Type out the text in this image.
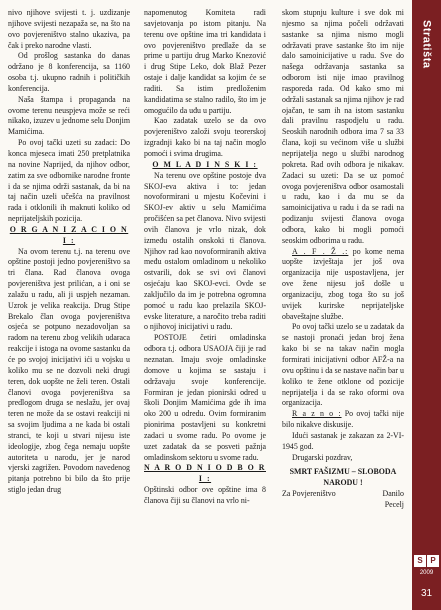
nivo njihove svijesti t. j. uzdizanje njihove svijesti nezapaža se, na što na ovo povjereništvo stalno ukaziva, pa čak i preko narodne vlasti.

Od prošlog sastanka do danas održano je 8 konferencija, sa 1160 osoba t.j. ukupno radnih i političkih konferencija.

Naša štampa i propaganda na ovome terenu neuspjeva može se reći nikako, izuzev u jednome selu Donjim Mamićima.

Po ovoj tački uzeti su zadaci: Do konca mjeseca imati 250 pretplatnika na novine Naprijed, da njihov odbor, zatim za sve odbornike narodne fronte i da se njima održi sastanak, da bi na taj način uzeli učešća na pravilnost rada i otklonili ih maknuti koliko od neprijateljskih pozicija.

O R G A N I Z A C I O N I :

Na ovom terenu t.j. na terenu ove opštine postoji jedno povjereništvo sa tri člana. Rad članova ovoga povjereništva jest prilićan, a i oni se zalažu u radu, ali ji uspjeh nezaman. Uzrok je velika reakcija. Drug Stipe Brekalo član ovoga povjereništva osjeća se potpuno nezadovoljan sa radom na terenu zbog velikih udaraca reakcije i istoga na ovome sastanku da će po svojoj inicijativi ići u vojsku u koliko mu se ne dozvoli neki drugi teren, dok uopšte ne želi teren. Ostali članovi ovoga povjereništva sa predlogom druga se neslažu, jer ovaj teren ne može da se ostavi reakciji ni sa svojim ljudima a ne kada bi ostali stranci, te koji u stvari nijesu iste ideologije, zbog čega nemaju uopšte autoriteta u narodu, jer je narod vjerski zagrižen. Povodom navedenog pitanja potrebno bi bilo da što prije stiglo jedan drug

napomenutog Komiteta radi savjetovanja po istom pitanju. Na terenu ove opštine ima tri kandidata i ovo povjereništvo predlaže da se prime u partiju drug Marko Knezović i drug Stipe Leko, dok Blaž Pezer ostaje i dalje kandidat sa kojim će se raditi. Sa istim predloženim kandidatima se stalno radilo, što im je omogućilo da uđu u partiju.

Kao zadatak uzelo se da ovo povjereništvo založi svoju teorerskoj izgradnji kako bi na taj način moglo pomoći i svima drugima.

O M L A D I N S K I :

Na terenu ove opštine postoje dva SKOJ-eva aktiva i to: jedan novoformirani u mjestu Kočevini i SKOJ-ev aktiv u selu Mamićima pročišćen sa pet članova. Nivo svijesti ovih članova je vrlo nizak, dok između ostalih onskoki ti članova. Njihov rad kao novoformiranih aktiva među ostalom omladinom u nekoliko ostvarili, dok se svi ovi članovi osjećaju kao SKOJ-evci. Ovde se zaključilo da im je potrebna ogromna pomoć u radu kao prelazila SKOJ-evske literature, a naročito treba raditi o njihovoj inicijativi u radu.

POSTOJE četiri omladinska odbora t.j. odbora USAOJA čiji je rad neznatan. Imaju svoje omladinske domove u kojima se sastaju i održavaju svoje konferencije. Formiran je jedan pionirski odred u školi Donjim Mamićima gde ih ima oko 200 u odredu. Ovim formiranim pionirima postavljeni su konkretni zadaci u svome radu. Po ovome je uzet zadatak da se posveti pažnja omladinskom sektoru u svome radu.

N A R O D N I O D B O R I :

Opštinski odbor ove opštine ima 8 članova čiji su članovi na vrlo ni-

skom stupnju kulture i sve dok mi njesmo sa njima počeli održavati sastanke sa njima nismo mogli održavati prave sastanke što im nije dalo samoinicijative u radu. Sve do našega održavanja sastanka sa odborom isti nije imao pravilnog rasporeda rada. Od kako smo mi održali sastanak sa njima njihov je rad ojačan, te sam ih na istom sastanku dali pravilnu raspodjelu u radu. Seoskih narodnih odbora ima 7 sa 33 člana, koji su većinom više u službi neprijatelja nego u službi narodnog pokreta. Rad ovih odbora je nikakav. Zadaci su uzeti: Da se uz pomoć ovoga povjereništva odbor osamostali u radu, kao i da mu se da samoinicijativa u radu i da se radi na podizanju svijesti članova ovoga odbora, kako bi mogli pomoći seoskim odborima u radu.

A . F . Ž .: po kome nema uopšte izvještaja jer još ova organizacija nije uspostavljena, jer ove žene nijesu još došle u organizaciju, zbog toga što su još uvijek kurirske neprijateljske obaveštajne službe.

Po ovoj tački uzelo se u zadatak da se nastoji pronaći jedan broj žena kako bi se na takav način mogla formirati inicijativni odbor AFŽ-a na ovu opštinu i da se nastave način bar u koliko te žene otklone od pozicije neprijatelja i da se rako oformi ova organizacija.

R a z n o : Po ovoj tački nije bilo nikakve diskusije.

Idući sastanak je zakazan za 2-VI- 1945 god.

Drugarski pozdrav,

SMRT FAŠIZMU – SLOBODA NARODU !

Za Povjereništvo	Danilo
Pecelj
Stratišta
S P
2009
31
